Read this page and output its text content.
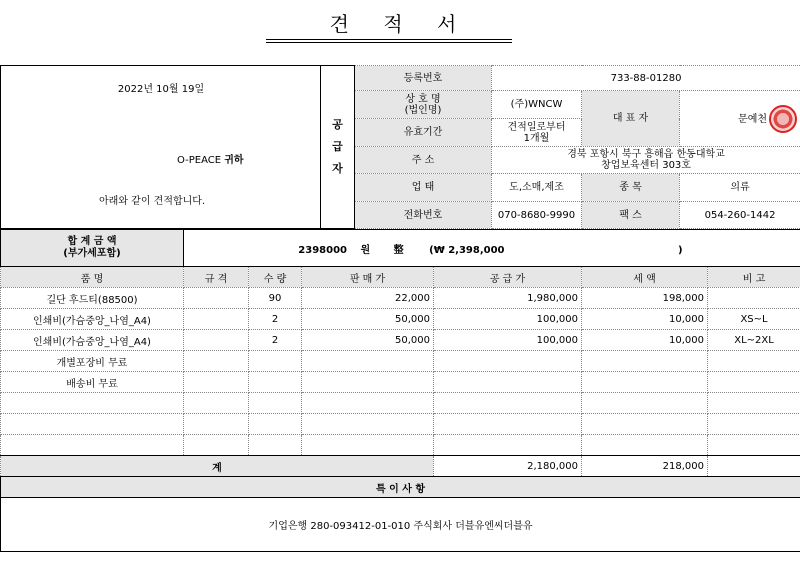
견 적 서
2022년 10월 19일
O-PEACE 귀하
아래와 같이 견적합니다.	공급자	등록번호	733-88-01280		
		상 호 명
(법인명)	(주)WNCW	대 표 자	문예천
		유효기간	견적일로부터
1개월		
		주 소	경북 포항시 북구 흥해읍 한동대학교
창업보육센터 303호		
		업 태	도,소매,제조	종 목	의류
		전화번호	070-8680-9990	팩 스	054-260-1442
합 계 금 액
(부가세포함)	2398000 원 整 (₩ 2,398,000 )					
품 명	규 격	수 량	판 매 가	공 급 가	세 액	비 고
길단 후드티(88500)		90	22,000	1,980,000	198,000	
인쇄비(가슴중앙_나염_A4)		2	50,000	100,000	10,000	XS~L
인쇄비(가슴중앙_나염_A4)		2	50,000	100,000	10,000	XL~2XL
개별포장비 무료						
배송비 무료						

계				2,180,000	218,000	
특 이 사 항						
기업은행 280-093412-01-010 주식회사 더블유엔씨더블유						
